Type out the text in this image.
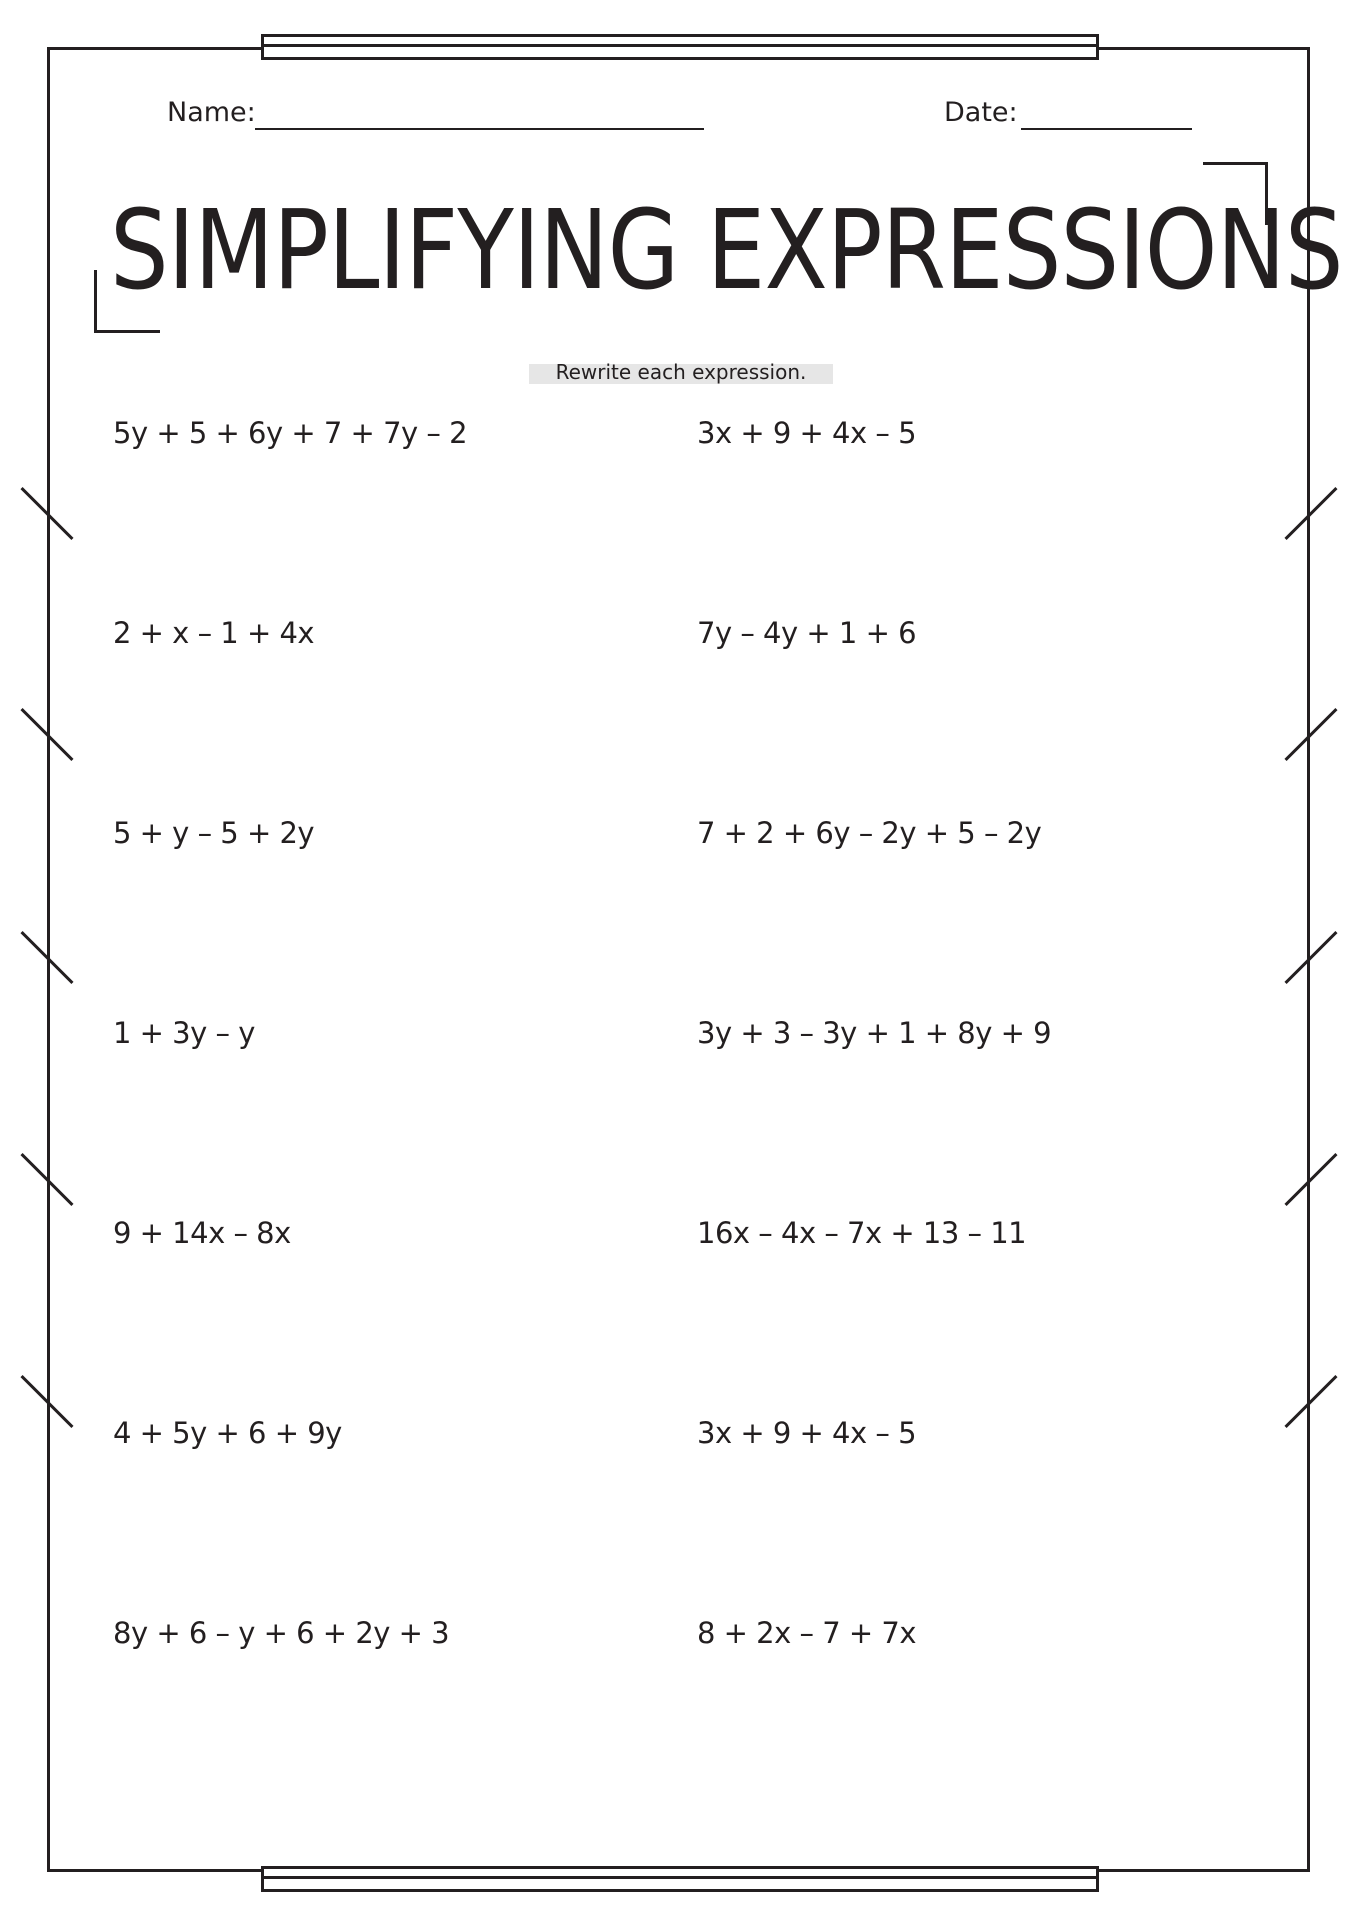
Name:	Date:
SIMPLIFYING EXPRESSIONS
Rewrite each expression.
5y + 5 + 6y + 7 + 7y – 2
2 + x – 1 + 4x
5 + y – 5 + 2y
1 + 3y – y
9 + 14x – 8x
4 + 5y + 6 + 9y
8y + 6 – y + 6 + 2y + 3
3x + 9 + 4x – 5
7y – 4y + 1 + 6
7 + 2 + 6y – 2y + 5 – 2y
3y + 3 – 3y + 1 + 8y + 9
16x – 4x – 7x + 13 – 11
3x + 9 + 4x – 5
8 + 2x – 7 + 7x
